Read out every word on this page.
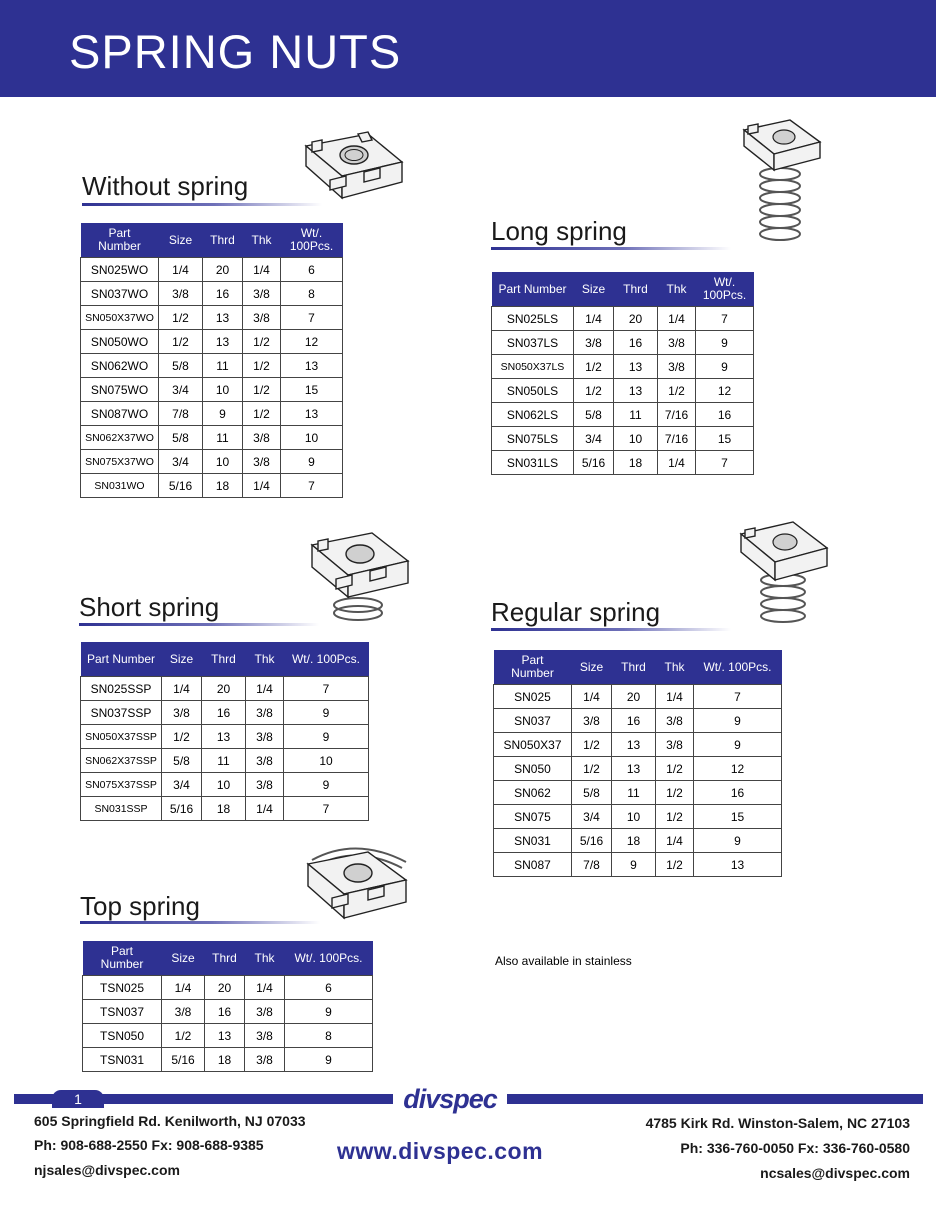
SPRING NUTS
Without spring
Part Number	Size	Thrd	Thk	Wt/. 100Pcs.
SN025WO	1/4	20	1/4	6
SN037WO	3/8	16	3/8	8
SN050X37WO	1/2	13	3/8	7
SN050WO	1/2	13	1/2	12
SN062WO	5/8	11	1/2	13
SN075WO	3/4	10	1/2	15
SN087WO	7/8	9	1/2	13
SN062X37WO	5/8	11	3/8	10
SN075X37WO	3/4	10	3/8	9
SN031WO	5/16	18	1/4	7
Long spring
Part Number	Size	Thrd	Thk	Wt/. 100Pcs.
SN025LS	1/4	20	1/4	7
SN037LS	3/8	16	3/8	9
SN050X37LS	1/2	13	3/8	9
SN050LS	1/2	13	1/2	12
SN062LS	5/8	11	7/16	16
SN075LS	3/4	10	7/16	15
SN031LS	5/16	18	1/4	7
Short spring
Part Number	Size	Thrd	Thk	Wt/. 100Pcs.
SN025SSP	1/4	20	1/4	7
SN037SSP	3/8	16	3/8	9
SN050X37SSP	1/2	13	3/8	9
SN062X37SSP	5/8	11	3/8	10
SN075X37SSP	3/4	10	3/8	9
SN031SSP	5/16	18	1/4	7
Regular spring
Part Number	Size	Thrd	Thk	Wt/. 100Pcs.
SN025	1/4	20	1/4	7
SN037	3/8	16	3/8	9
SN050X37	1/2	13	3/8	9
SN050	1/2	13	1/2	12
SN062	5/8	11	1/2	16
SN075	3/4	10	1/2	15
SN031	5/16	18	1/4	9
SN087	7/8	9	1/2	13
Top spring
Part Number	Size	Thrd	Thk	Wt/. 100Pcs.
TSN025	1/4	20	1/4	6
TSN037	3/8	16	3/8	9
TSN050	1/2	13	3/8	8
TSN031	5/16	18	3/8	9
Also available in stainless
1	divspec
605 Springfield Rd. Kenilworth, NJ 07033
Ph: 908-688-2550 Fx: 908-688-9385
njsales@divspec.com
www.divspec.com
4785 Kirk Rd. Winston-Salem, NC 27103
Ph: 336-760-0050 Fx: 336-760-0580
ncsales@divspec.com
